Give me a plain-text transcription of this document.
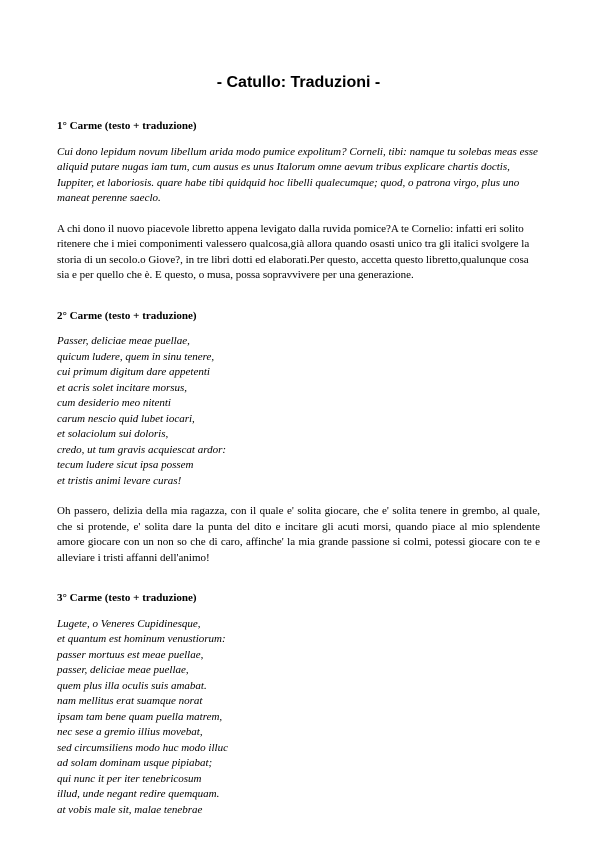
- Catullo: Traduzioni -

1° Carme (testo + traduzione)

Cui dono lepidum novum libellum arida modo pumice expolitum? Corneli, tibi: namque tu solebas meas esse aliquid putare nugas iam tum, cum ausus es unus Italorum omne aevum tribus explicare chartis doctis, Iuppiter, et laboriosis. quare habe tibi quidquid hoc libelli qualecumque; quod, o patrona virgo, plus uno maneat perenne saeclo.

A chi dono il nuovo piacevole libretto appena levigato dalla ruvida pomice?A te Cornelio: infatti eri solito ritenere che i miei componimenti valessero qualcosa,già allora quando osasti unico tra gli italici svolgere la storia di un secolo.o Giove?, in tre libri dotti ed elaborati.Per questo, accetta questo libretto,qualunque cosa sia e per quello che è. E questo, o musa, possa sopravvivere per una generazione.

2° Carme (testo + traduzione)

Passer, deliciae meae puellae,
quicum ludere, quem in sinu tenere,
cui primum digitum dare appetenti
et acris solet incitare morsus,
cum desiderio meo nitenti
carum nescio quid lubet iocari,
et solaciolum sui doloris,
credo, ut tum gravis acquiescat ardor:
tecum ludere sicut ipsa possem
et tristis animi levare curas!

Oh passero, delizia della mia ragazza, con il quale e' solita giocare, che e' solita tenere in grembo, al quale, che si protende, e' solita dare la punta del dito e incitare gli acuti morsi, quando piace al mio splendente amore giocare con un non so che di caro, affinche' la mia grande passione si colmi, potessi giocare con te e alleviare i tristi affanni dell'animo!

3° Carme (testo + traduzione)

Lugete, o Veneres Cupidinesque,
et quantum est hominum venustiorum:
passer mortuus est meae puellae,
passer, deliciae meae puellae,
quem plus illa oculis suis amabat.
nam mellitus erat suamque norat
ipsam tam bene quam puella matrem,
nec sese a gremio illius movebat,
sed circumsiliens modo huc modo illuc
ad solam dominam usque pipiabat;
qui nunc it per iter tenebricosum
illud, unde negant redire quemquam.
at vobis male sit, malae tenebrae
